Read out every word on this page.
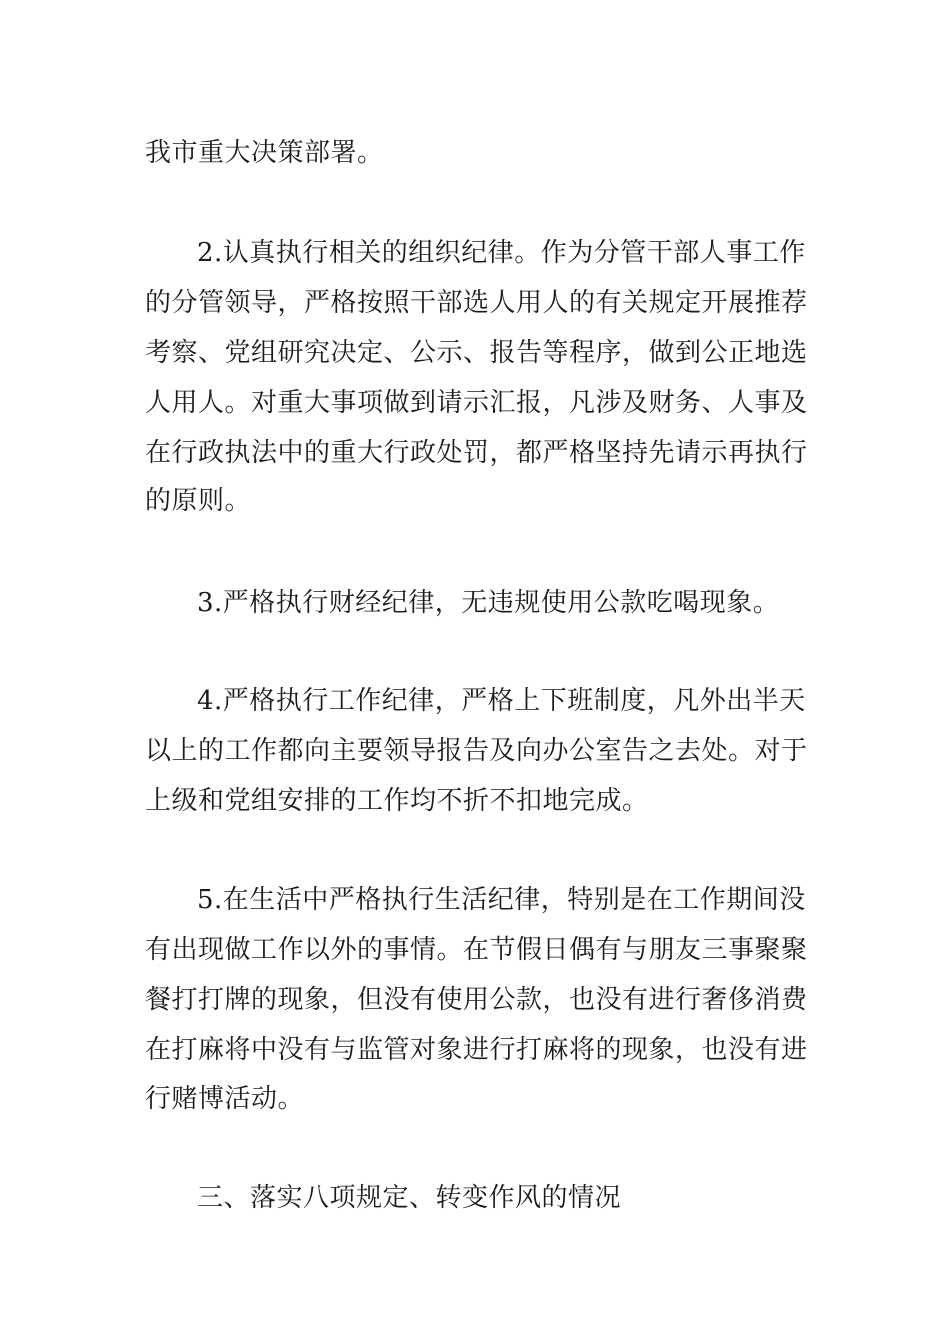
我市重大决策部署。
2.认真执行相关的组织纪律。作为分管干部人事工作
的分管领导，严格按照干部选人用人的有关规定开展推荐
考察、党组研究决定、公示、报告等程序，做到公正地选
人用人。对重大事项做到请示汇报，凡涉及财务、人事及
在行政执法中的重大行政处罚，都严格坚持先请示再执行
的原则。
3.严格执行财经纪律，无违规使用公款吃喝现象。
4.严格执行工作纪律，严格上下班制度，凡外出半天
以上的工作都向主要领导报告及向办公室告之去处。对于
上级和党组安排的工作均不折不扣地完成。
5.在生活中严格执行生活纪律，特别是在工作期间没
有出现做工作以外的事情。在节假日偶有与朋友三事聚聚
餐打打牌的现象，但没有使用公款，也没有进行奢侈消费
在打麻将中没有与监管对象进行打麻将的现象，也没有进
行赌博活动。
三、落实八项规定、转变作风的情况
